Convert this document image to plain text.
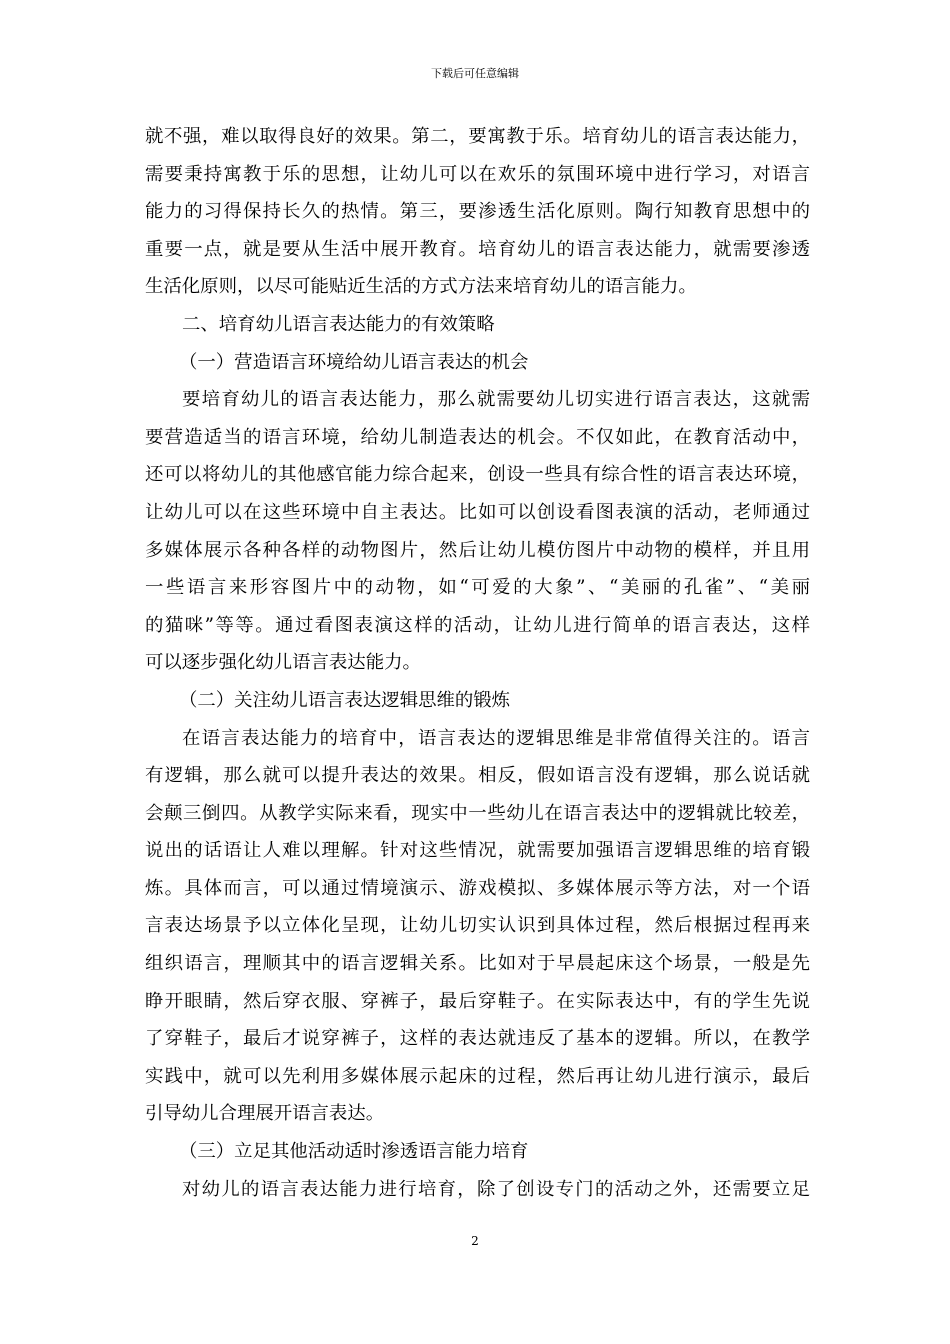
下载后可任意编辑
就不强，难以取得良好的效果。第二，要寓教于乐。培育幼儿的语言表达能力，
需要秉持寓教于乐的思想，让幼儿可以在欢乐的氛围环境中进行学习，对语言
能力的习得保持长久的热情。第三，要渗透生活化原则。陶行知教育思想中的
重要一点，就是要从生活中展开教育。培育幼儿的语言表达能力，就需要渗透
生活化原则，以尽可能贴近生活的方式方法来培育幼儿的语言能力。
二、培育幼儿语言表达能力的有效策略
（一）营造语言环境给幼儿语言表达的机会
要培育幼儿的语言表达能力，那么就需要幼儿切实进行语言表达，这就需
要营造适当的语言环境，给幼儿制造表达的机会。不仅如此，在教育活动中，
还可以将幼儿的其他感官能力综合起来，创设一些具有综合性的语言表达环境，
让幼儿可以在这些环境中自主表达。比如可以创设看图表演的活动，老师通过
多媒体展示各种各样的动物图片，然后让幼儿模仿图片中动物的模样，并且用
一些语言来形容图片中的动物，如“可爱的大象”、“美丽的孔雀”、“美丽
的猫咪”等等。通过看图表演这样的活动，让幼儿进行简单的语言表达，这样
可以逐步强化幼儿语言表达能力。
（二）关注幼儿语言表达逻辑思维的锻炼
在语言表达能力的培育中，语言表达的逻辑思维是非常值得关注的。语言
有逻辑，那么就可以提升表达的效果。相反，假如语言没有逻辑，那么说话就
会颠三倒四。从教学实际来看，现实中一些幼儿在语言表达中的逻辑就比较差，
说出的话语让人难以理解。针对这些情况，就需要加强语言逻辑思维的培育锻
炼。具体而言，可以通过情境演示、游戏模拟、多媒体展示等方法，对一个语
言表达场景予以立体化呈现，让幼儿切实认识到具体过程，然后根据过程再来
组织语言，理顺其中的语言逻辑关系。比如对于早晨起床这个场景，一般是先
睁开眼睛，然后穿衣服、穿裤子，最后穿鞋子。在实际表达中，有的学生先说
了穿鞋子，最后才说穿裤子，这样的表达就违反了基本的逻辑。所以，在教学
实践中，就可以先利用多媒体展示起床的过程，然后再让幼儿进行演示，最后
引导幼儿合理展开语言表达。
（三）立足其他活动适时渗透语言能力培育
对幼儿的语言表达能力进行培育，除了创设专门的活动之外，还需要立足
2
